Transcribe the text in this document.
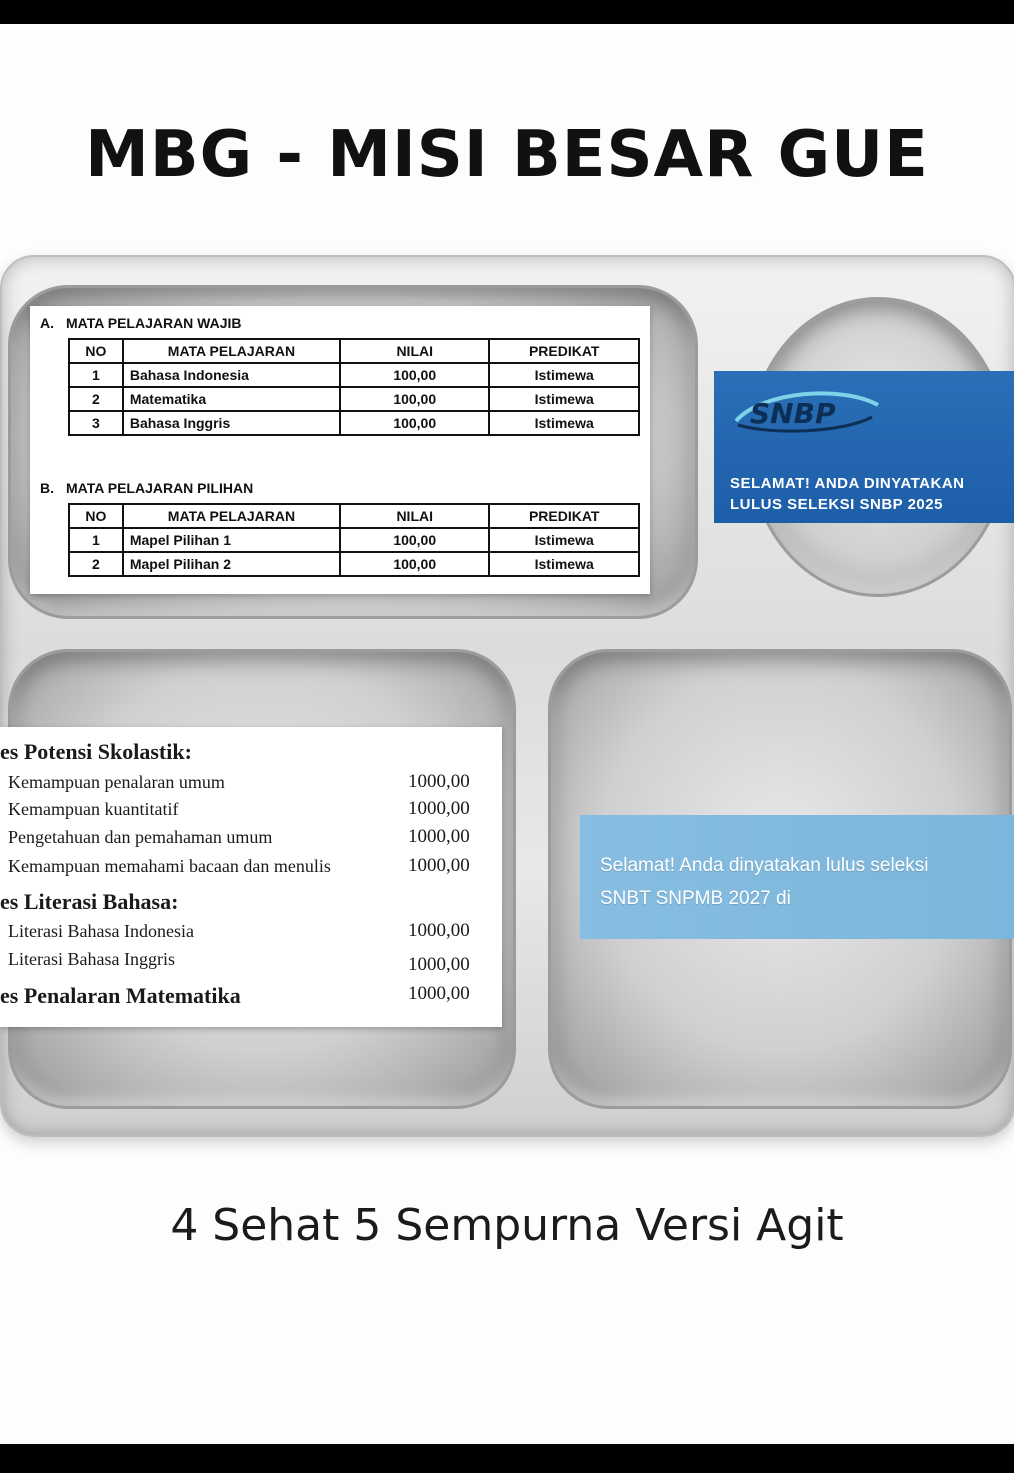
MBG - MISI BESAR GUE
A. MATA PELAJARAN WAJIB
NO	MATA PELAJARAN	NILAI	PREDIKAT
1	Bahasa Indonesia	100,00	Istimewa
2	Matematika	100,00	Istimewa
3	Bahasa Inggris	100,00	Istimewa
B. MATA PELAJARAN PILIHAN
NO	MATA PELAJARAN	NILAI	PREDIKAT
1	Mapel Pilihan 1	100,00	Istimewa
2	Mapel Pilihan 2	100,00	Istimewa
SNBP
SELAMAT! ANDA DINYATAKAN
LULUS SELEKSI SNBP 2025
es Potensi Skolastik:
Kemampuan penalaran umum	1000,00
Kemampuan kuantitatif	1000,00
Pengetahuan dan pemahaman umum	1000,00
Kemampuan memahami bacaan dan menulis	1000,00
es Literasi Bahasa:
Literasi Bahasa Indonesia	1000,00
Literasi Bahasa Inggris	1000,00
es Penalaran Matematika	1000,00
Selamat! Anda dinyatakan lulus seleksi
SNBT SNPMB 2027 di
4 Sehat 5 Sempurna Versi Agit
